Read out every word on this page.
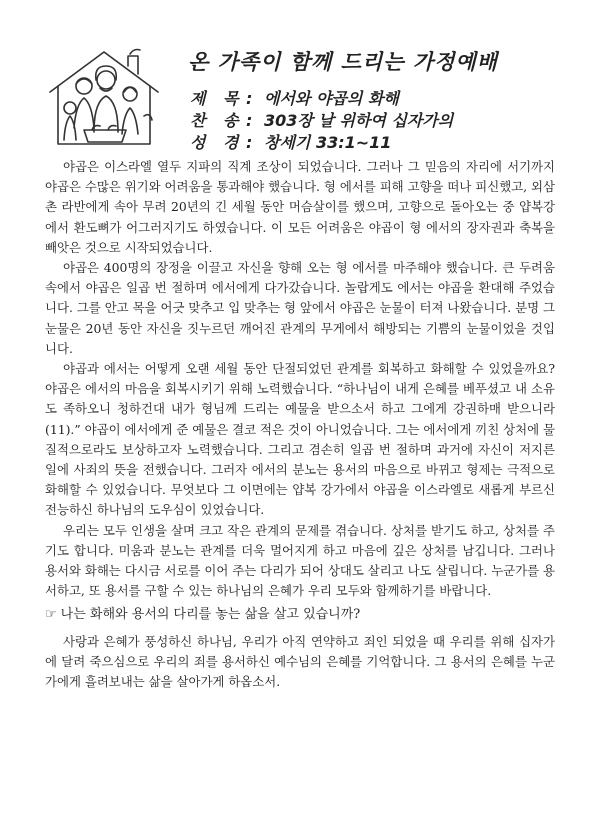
온 가족이 함께 드리는 가정예배
제 목: 에서와 야곱의 화해
찬 송: 303장 날 위하여 십자가의
성 경: 창세기 33:1~11

야곱은 이스라엘 열두 지파의 직계 조상이 되었습니다. 그러나 그 믿음의 자리에 서기까지 야곱은 수많은 위기와 어려움을 통과해야 했습니다. 형 에서를 피해 고향을 떠나 피신했고, 외삼촌 라반에게 속아 무려 20년의 긴 세월 동안 머슴살이를 했으며, 고향으로 돌아오는 중 얍복강에서 환도뼈가 어그러지기도 하였습니다. 이 모든 어려움은 야곱이 형 에서의 장자권과 축복을 빼앗은 것으로 시작되었습니다.

야곱은 400명의 장정을 이끌고 자신을 향해 오는 형 에서를 마주해야 했습니다. 큰 두려움 속에서 야곱은 일곱 번 절하며 에서에게 다가갔습니다. 놀랍게도 에서는 야곱을 환대해 주었습니다. 그를 안고 목을 어긋 맞추고 입 맞추는 형 앞에서 야곱은 눈물이 터져 나왔습니다. 분명 그 눈물은 20년 동안 자신을 짓누르던 깨어진 관계의 무게에서 해방되는 기쁨의 눈물이었을 것입니다.

야곱과 에서는 어떻게 오랜 세월 동안 단절되었던 관계를 회복하고 화해할 수 있었을까요? 야곱은 에서의 마음을 회복시키기 위해 노력했습니다. “하나님이 내게 은혜를 베푸셨고 내 소유도 족하오니 청하건대 내가 형님께 드리는 예물을 받으소서 하고 그에게 강권하매 받으니라(11).” 야곱이 에서에게 준 예물은 결코 적은 것이 아니었습니다. 그는 에서에게 끼친 상처에 물질적으로라도 보상하고자 노력했습니다. 그리고 겸손히 일곱 번 절하며 과거에 자신이 저지른 일에 사죄의 뜻을 전했습니다. 그러자 에서의 분노는 용서의 마음으로 바뀌고 형제는 극적으로 화해할 수 있었습니다. 무엇보다 그 이면에는 얍복 강가에서 야곱을 이스라엘로 새롭게 부르신 전능하신 하나님의 도우심이 있었습니다.

우리는 모두 인생을 살며 크고 작은 관계의 문제를 겪습니다. 상처를 받기도 하고, 상처를 주기도 합니다. 미움과 분노는 관계를 더욱 멀어지게 하고 마음에 깊은 상처를 남깁니다. 그러나 용서와 화해는 다시금 서로를 이어 주는 다리가 되어 상대도 살리고 나도 살립니다. 누군가를 용서하고, 또 용서를 구할 수 있는 하나님의 은혜가 우리 모두와 함께하기를 바랍니다.

☞ 나는 화해와 용서의 다리를 놓는 삶을 살고 있습니까?

사랑과 은혜가 풍성하신 하나님, 우리가 아직 연약하고 죄인 되었을 때 우리를 위해 십자가에 달려 죽으심으로 우리의 죄를 용서하신 예수님의 은혜를 기억합니다. 그 용서의 은혜를 누군가에게 흘려보내는 삶을 살아가게 하옵소서.
